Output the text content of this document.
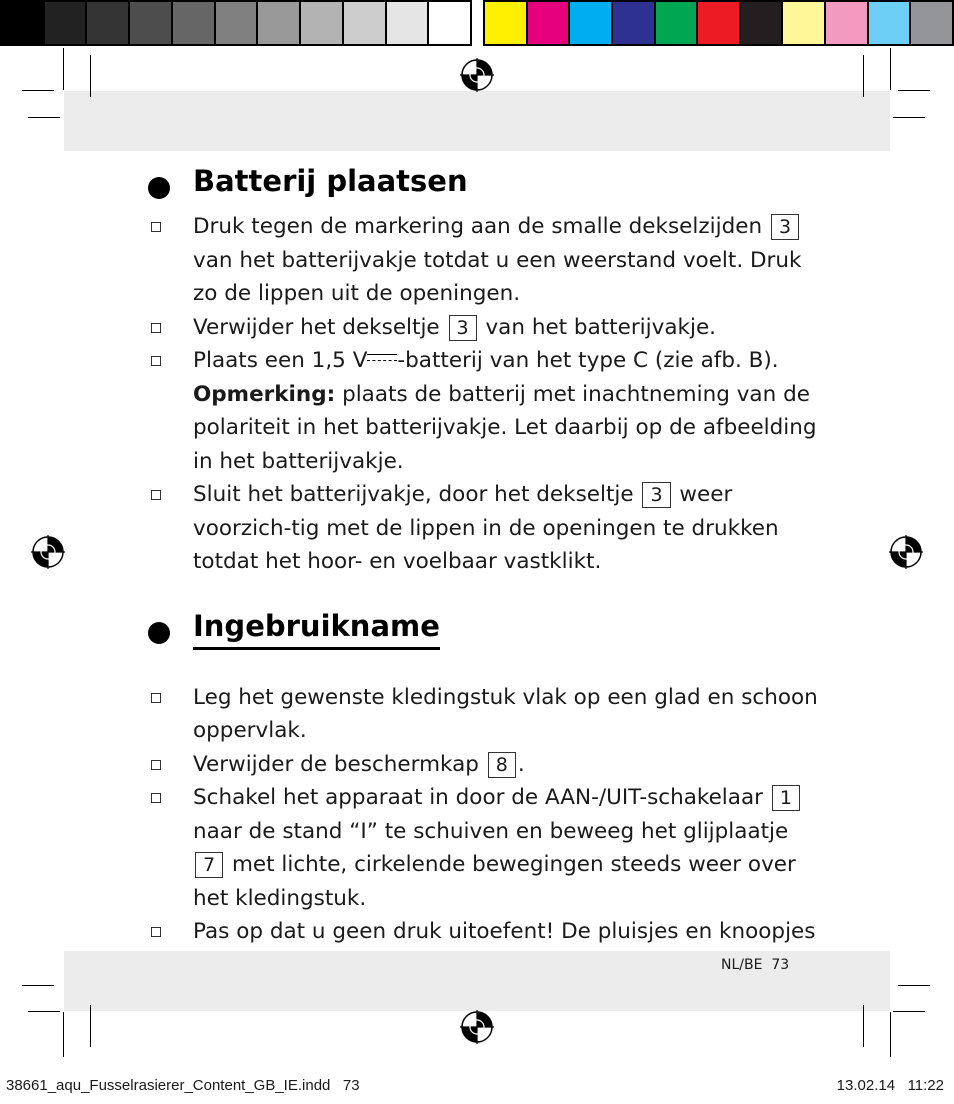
Batterij plaatsen
Druk tegen de markering aan de smalle dekselzijden 3 van het batterijvakje totdat u een weerstand voelt. Druk zo de lippen uit de openingen.
Verwijder het dekseltje 3 van het batterijvakje.
Plaats een 1,5 V -batterij van het type C (zie afb. B).
Opmerking: plaats de batterij met inachtneming van de polariteit in het batterijvakje. Let daarbij op de afbeelding in het batterijvakje.
Sluit het batterijvakje, door het dekseltje 3 weer voorzich-tig met de lippen in de openingen te drukken totdat het hoor- en voelbaar vastklikt.
Ingebruikname
Leg het gewenste kledingstuk vlak op een glad en schoon oppervlak.
Verwijder de beschermkap 8 .
Schakel het apparaat in door de AAN-/UIT-schakelaar 1 naar de stand “I” te schuiven en beweeg het glijplaatje 7 met lichte, cirkelende bewegingen steeds weer over het kledingstuk.
Pas op dat u geen druk uitoefent! De pluisjes en knoopjes
NL/BE 73
38661_aqu_Fusselrasierer_Content_GB_IE.indd 73	13.02.14 11:22
